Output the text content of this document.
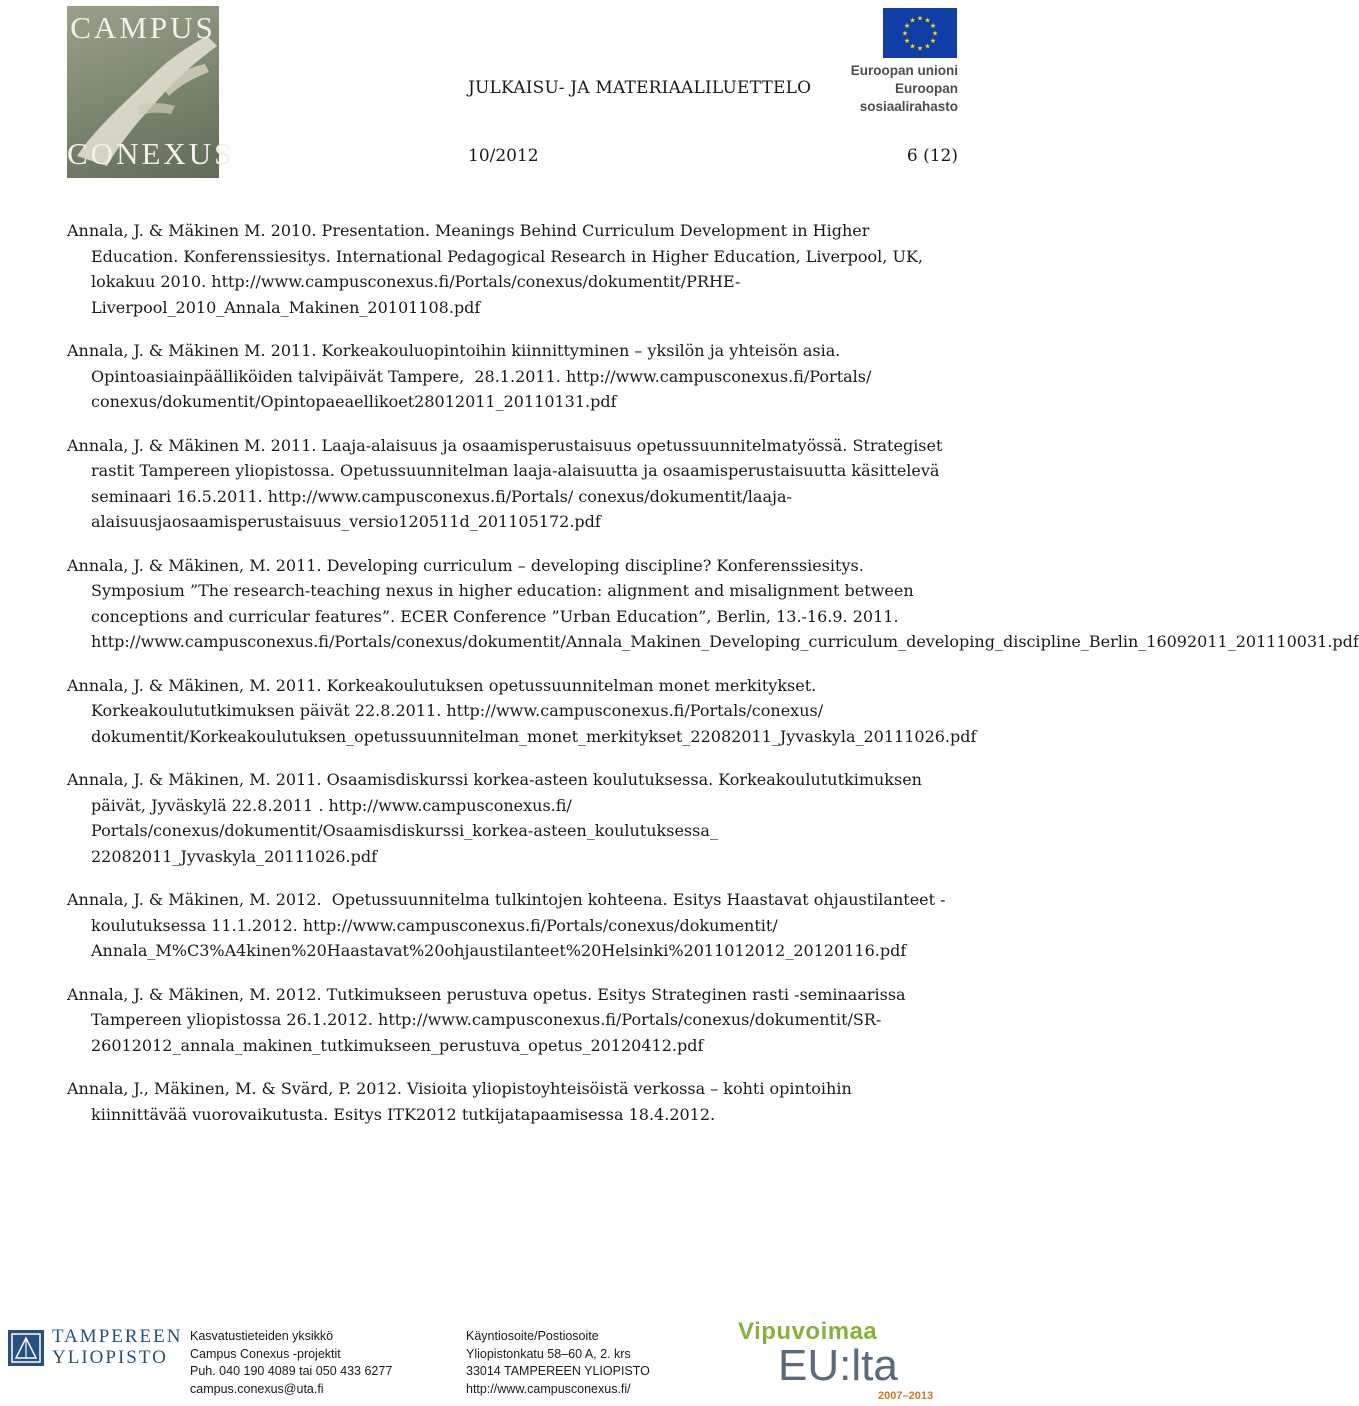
CAMPUS
CONEXUS
★
★
★
★
★
★
★
★
★ ★ ★
★
Euroopan unioni
Euroopan sosiaalirahasto
JULKAISU- JA MATERIAALILUETTELO
10/2012	6 (12)

Annala, J. & Mäkinen M. 2010. Presentation. Meanings Behind Curriculum Development in Higher Education. Konferenssiesitys. International Pedagogical Research in Higher Education, Liverpool, UK, lokakuu 2010. http://www.campusconexus.fi/Portals/conexus/dokumentit/PRHE-Liverpool_2010_Annala_Makinen_20101108.pdf

Annala, J. & Mäkinen M. 2011. Korkeakouluopintoihin kiinnittyminen – yksilön ja yhteisön asia. Opintoasiainpäälliköiden talvipäivät Tampere,  28.1.2011. http://www.campusconexus.fi/Portals/ conexus/dokumentit/Opintopaeaellikoet28012011_20110131.pdf

Annala, J. & Mäkinen M. 2011. Laaja-alaisuus ja osaamisperustaisuus opetussuunnitelmatyössä. Strategiset rastit Tampereen yliopistossa. Opetussuunnitelman laaja-alaisuutta ja osaamisperustaisuutta käsittelevä seminaari 16.5.2011. http://www.campusconexus.fi/Portals/ conexus/dokumentit/laaja-alaisuusjaosaamisperustaisuus_versio120511d_201105172.pdf

Annala, J. & Mäkinen, M. 2011. Developing curriculum – developing discipline? Konferenssiesitys. Symposium ”The research-teaching nexus in higher education: alignment and misalignment between conceptions and curricular features”. ECER Conference ”Urban Education”, Berlin, 13.-16.9. 2011. http://www.campusconexus.fi/Portals/conexus/dokumentit/Annala_Makinen_Developing_curriculum_developing_discipline_Berlin_16092011_201110031.pdf

Annala, J. & Mäkinen, M. 2011. Korkeakoulutuksen opetussuunnitelman monet merkitykset. Korkeakoulututkimuksen päivät 22.8.2011. http://www.campusconexus.fi/Portals/conexus/ dokumentit/Korkeakoulutuksen_opetussuunnitelman_monet_merkitykset_22082011_Jyvaskyla_20111026.pdf

Annala, J. & Mäkinen, M. 2011. Osaamisdiskurssi korkea-asteen koulutuksessa. Korkeakoulututkimuksen päivät, Jyväskylä 22.8.2011 . http://www.campusconexus.fi/ Portals/conexus/dokumentit/Osaamisdiskurssi_korkea-asteen_koulutuksessa_ 22082011_Jyvaskyla_20111026.pdf

Annala, J. & Mäkinen, M. 2012.  Opetussuunnitelma tulkintojen kohteena. Esitys Haastavat ohjaustilanteet -koulutuksessa 11.1.2012. http://www.campusconexus.fi/Portals/conexus/dokumentit/ Annala_M%C3%A4kinen%20Haastavat%20ohjaustilanteet%20Helsinki%2011012012_20120116.pdf

Annala, J. & Mäkinen, M. 2012. Tutkimukseen perustuva opetus. Esitys Strateginen rasti -seminaarissa Tampereen yliopistossa 26.1.2012. http://www.campusconexus.fi/Portals/conexus/dokumentit/SR-26012012_annala_makinen_tutkimukseen_perustuva_opetus_20120412.pdf

Annala, J., Mäkinen, M. & Svärd, P. 2012. Visioita yliopistoyhteisöistä verkossa – kohti opintoihin kiinnittävää vuorovaikutusta. Esitys ITK2012 tutkijatapaamisessa 18.4.2012.

TAMPEREEN
YLIOPISTO
Kasvatustieteiden yksikkö
Campus Conexus -projektit
Puh. 040 190 4089 tai 050 433 6277
campus.conexus@uta.fi
Käyntiosoite/Postiosoite
Yliopistonkatu 58–60 A, 2. krs
33014 TAMPEREEN YLIOPISTO
http://www.campusconexus.fi/
Vipuvoimaa
EU:lta
2007–2013
